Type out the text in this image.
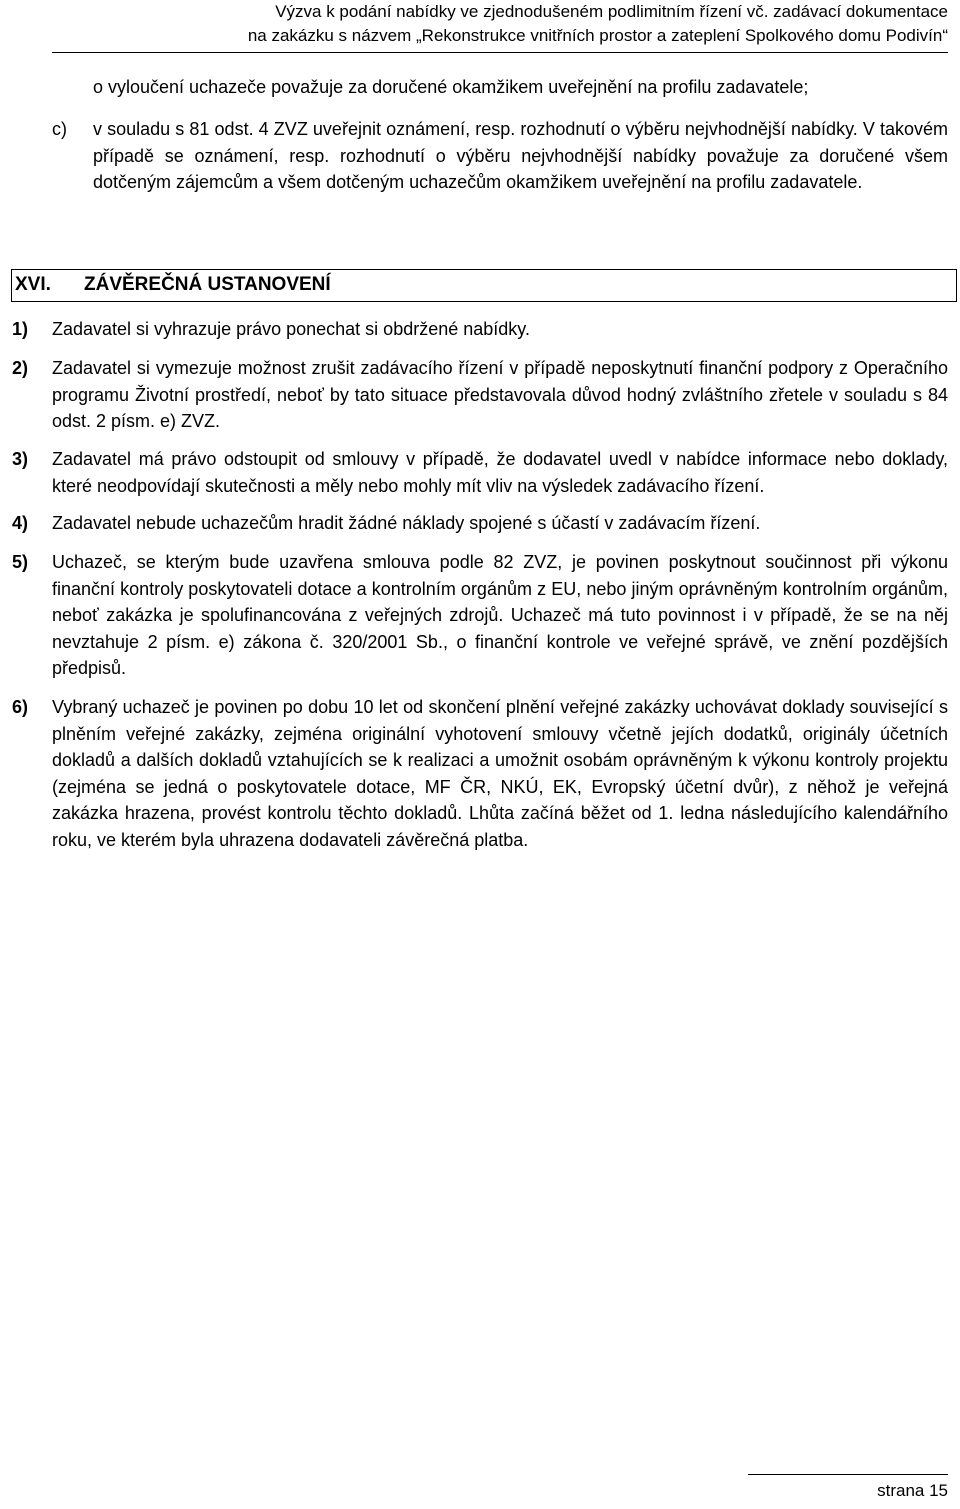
Výzva k podání nabídky ve zjednodušeném podlimitním řízení vč. zadávací dokumentace
na zakázku s názvem „Rekonstrukce vnitřních prostor a zateplení Spolkového domu Podivín“
o vyloučení uchazeče považuje za doručené okamžikem uveřejnění na profilu zadavatele;
c) v souladu s 81 odst. 4 ZVZ uveřejnit oznámení, resp. rozhodnutí o výběru nejvhodnější nabídky. V takovém případě se oznámení, resp. rozhodnutí o výběru nejvhodnější nabídky považuje za doručené všem dotčeným zájemcům a všem dotčeným uchazečům okamžikem uveřejnění na profilu zadavatele.
XVI. ZÁVĚREČNÁ USTANOVENÍ
1) Zadavatel si vyhrazuje právo ponechat si obdržené nabídky.
2) Zadavatel si vymezuje možnost zrušit zadávacího řízení v případě neposkytnutí finanční podpory z Operačního programu Životní prostředí, neboť by tato situace představovala důvod hodný zvláštního zřetele v souladu s 84 odst. 2 písm. e) ZVZ.
3) Zadavatel má právo odstoupit od smlouvy v případě, že dodavatel uvedl v nabídce informace nebo doklady, které neodpovídají skutečnosti a měly nebo mohly mít vliv na výsledek zadávacího řízení.
4) Zadavatel nebude uchazečům hradit žádné náklady spojené s účastí v zadávacím řízení.
5) Uchazeč, se kterým bude uzavřena smlouva podle 82 ZVZ, je povinen poskytnout součinnost při výkonu finanční kontroly poskytovateli dotace a kontrolním orgánům z EU, nebo jiným oprávněným kontrolním orgánům, neboť zakázka je spolufinancována z veřejných zdrojů. Uchazeč má tuto povinnost i v případě, že se na něj nevztahuje 2 písm. e) zákona č. 320/2001 Sb., o finanční kontrole ve veřejné správě, ve znění pozdějších předpisů.
6) Vybraný uchazeč je povinen po dobu 10 let od skončení plnění veřejné zakázky uchovávat doklady související s plněním veřejné zakázky, zejména originální vyhotovení smlouvy včetně jejích dodatků, originály účetních dokladů a dalších dokladů vztahujících se k realizaci a umožnit osobám oprávněným k výkonu kontroly projektu (zejména se jedná o poskytovatele dotace, MF ČR, NKÚ, EK, Evropský účetní dvůr), z něhož je veřejná zakázka hrazena, provést kontrolu těchto dokladů. Lhůta začíná běžet od 1. ledna následujícího kalendářního roku, ve kterém byla uhrazena dodavateli závěrečná platba.
strana 15
